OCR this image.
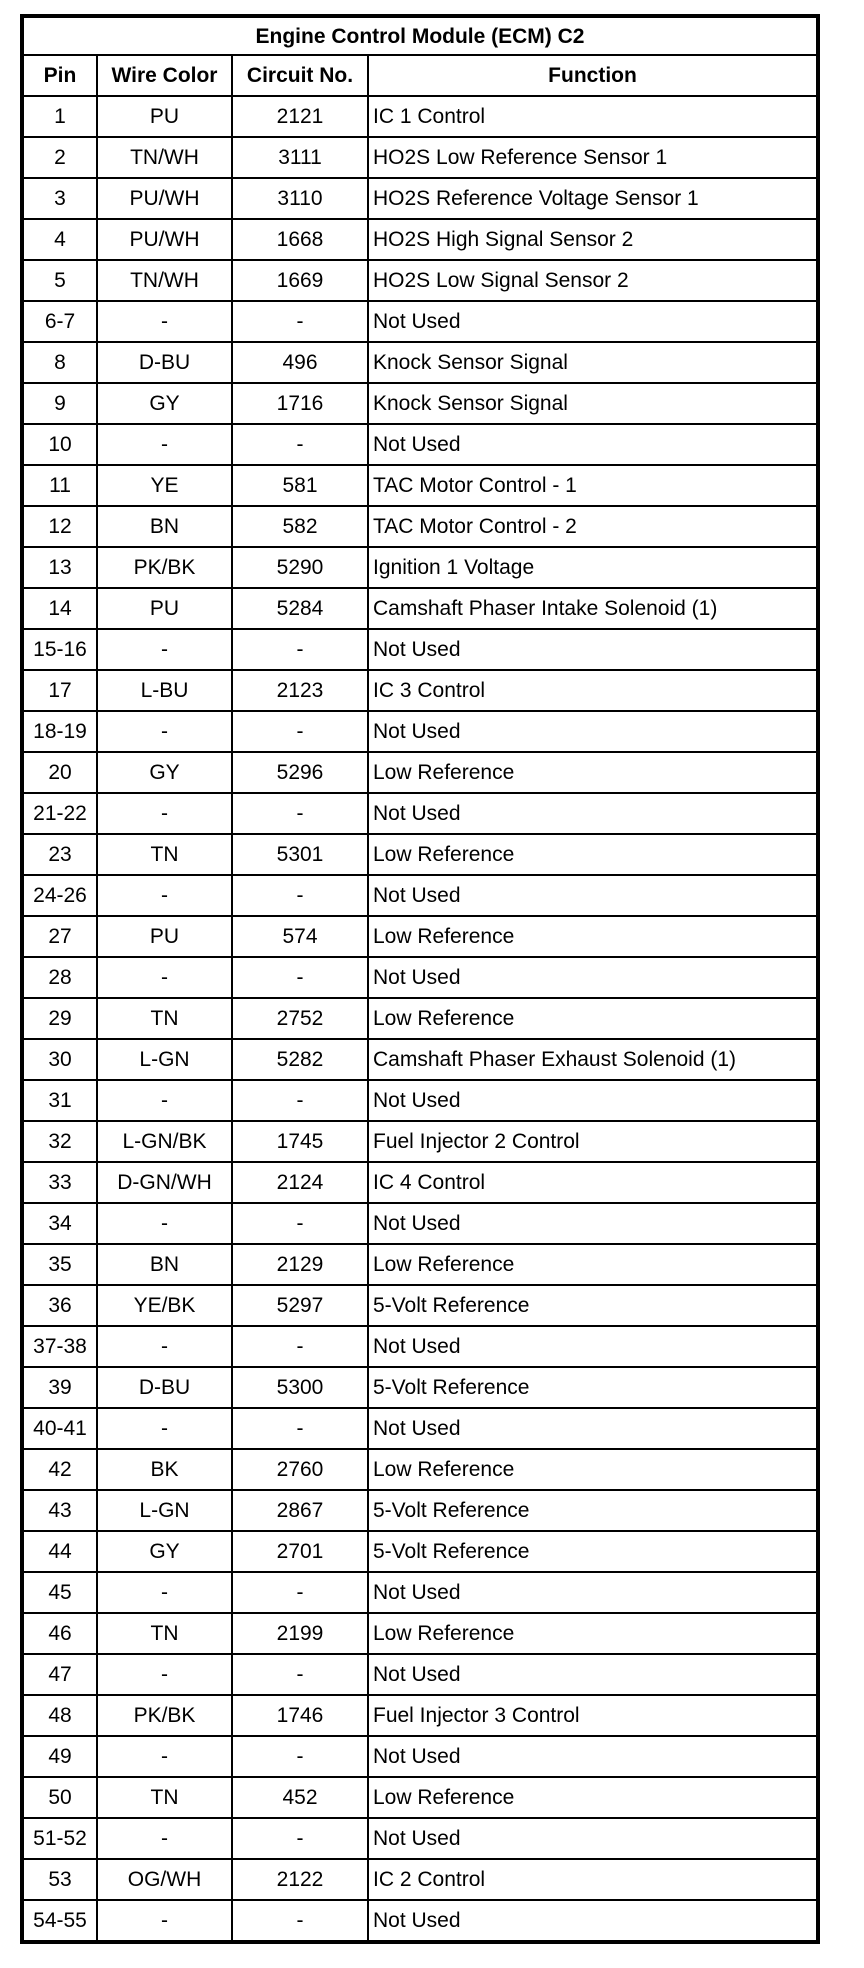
Engine Control Module (ECM) C2			
Pin	Wire Color	Circuit No.	Function
1	PU	2121	IC 1 Control
2	TN/WH	3111	HO2S Low Reference Sensor 1
3	PU/WH	3110	HO2S Reference Voltage Sensor 1
4	PU/WH	1668	HO2S High Signal Sensor 2
5	TN/WH	1669	HO2S Low Signal Sensor 2
6-7	-	-	Not Used
8	D-BU	496	Knock Sensor Signal
9	GY	1716	Knock Sensor Signal
10	-	-	Not Used
11	YE	581	TAC Motor Control - 1
12	BN	582	TAC Motor Control - 2
13	PK/BK	5290	Ignition 1 Voltage
14	PU	5284	Camshaft Phaser Intake Solenoid (1)
15-16	-	-	Not Used
17	L-BU	2123	IC 3 Control
18-19	-	-	Not Used
20	GY	5296	Low Reference
21-22	-	-	Not Used
23	TN	5301	Low Reference
24-26	-	-	Not Used
27	PU	574	Low Reference
28	-	-	Not Used
29	TN	2752	Low Reference
30	L-GN	5282	Camshaft Phaser Exhaust Solenoid (1)
31	-	-	Not Used
32	L-GN/BK	1745	Fuel Injector 2 Control
33	D-GN/WH	2124	IC 4 Control
34	-	-	Not Used
35	BN	2129	Low Reference
36	YE/BK	5297	5-Volt Reference
37-38	-	-	Not Used
39	D-BU	5300	5-Volt Reference
40-41	-	-	Not Used
42	BK	2760	Low Reference
43	L-GN	2867	5-Volt Reference
44	GY	2701	5-Volt Reference
45	-	-	Not Used
46	TN	2199	Low Reference
47	-	-	Not Used
48	PK/BK	1746	Fuel Injector 3 Control
49	-	-	Not Used
50	TN	452	Low Reference
51-52	-	-	Not Used
53	OG/WH	2122	IC 2 Control
54-55	-	-	Not Used
